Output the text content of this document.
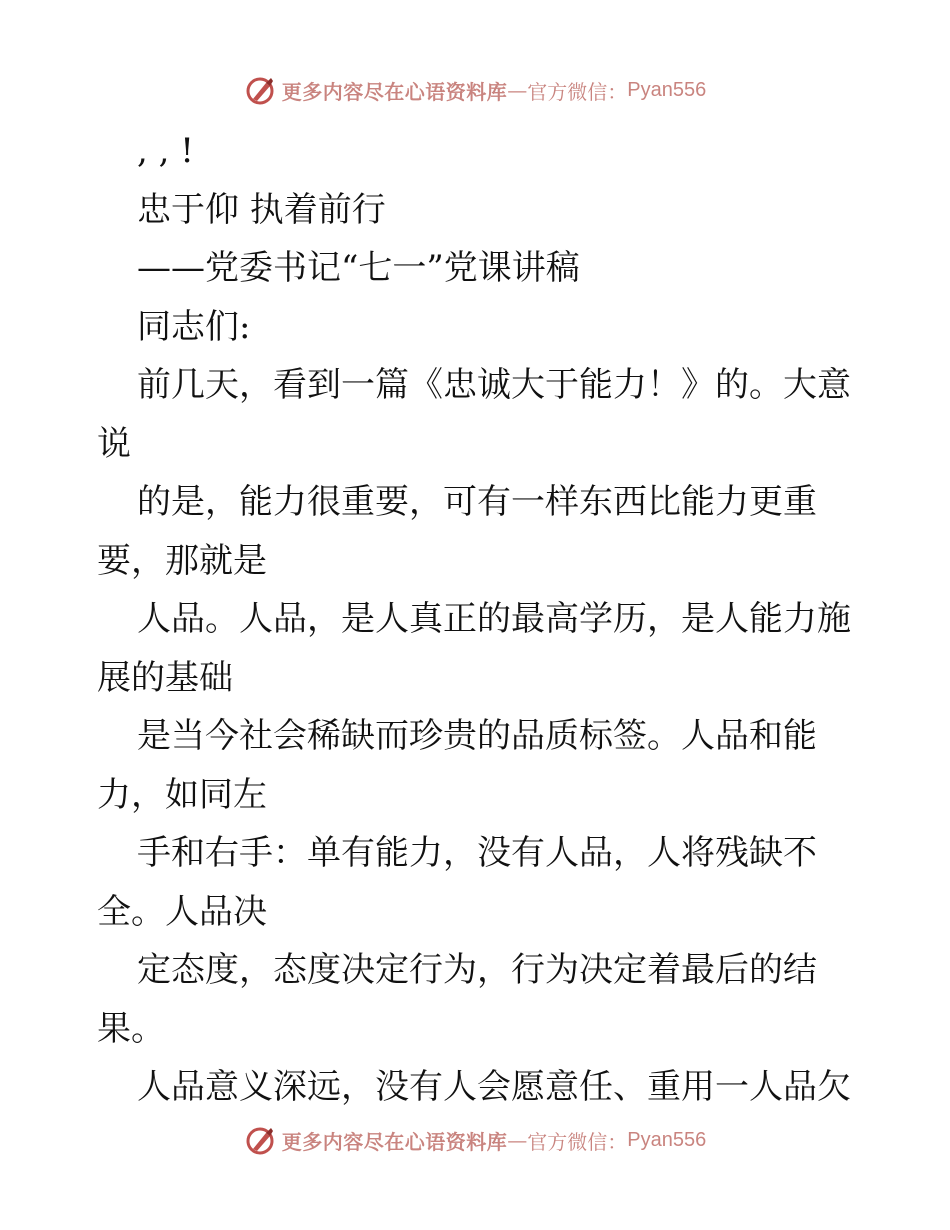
更多内容尽在心语资料库 — 官方微信： Pyan556
, , !
忠于仰 执着前行
——党委书记“七一”党课讲稿
同志们:
前几天，看到一篇《忠诚大于能力！》的。大意
说
的是，能力很重要，可有一样东西比能力更重
要，那就是
人品。人品，是人真正的最高学历，是人能力施
展的基础
是当今社会稀缺而珍贵的品质标签。人品和能
力，如同左
手和右手：单有能力，没有人品，人将残缺不
全。人品决
定态度，态度决定行为，行为决定着最后的结
果。
人品意义深远，没有人会愿意任、重用一人品欠
更多内容尽在心语资料库 — 官方微信： Pyan556
